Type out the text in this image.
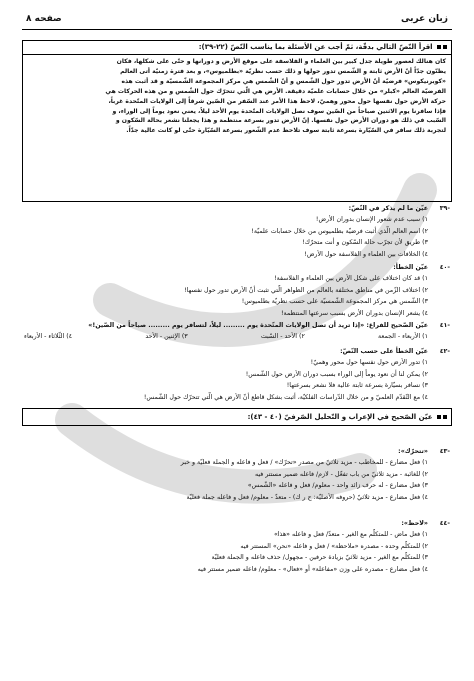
زبان عربی
صفحه ۸
اقرأ النّصّ التالي بدقّة، ثمّ أجب عن الأسئلة بما يناسب النّصّ (٢٢-٣٩):
كان هنالك لعصور طويلة جدل كبير بين العلماء و الفلاسفة على موقع الأرض و دورانها و حتّى على شكلها، فكان
يظنّون جدّاً أنّ الأرض ثابتة و الشّمس تدور حولها و ذلك حسب نظريّة «بطلميوس»، و بعد فترة زمنيّة أتى العالم
«كوبرنيكوس» فرضيّة أنّ الأرض تدور حول الشّمس و أنّ الشّمس هي مركز المجموعة الشّمسيّة و قد أثبت هذه
الفرضيّة العالم «كبلر» من خلال حسابات علميّة دقيقة. الأرض هي الّتي تتحرّك حول الشّمس و من هذه الحركات هي
حركة الأرض حول نفسها حول محور وهميّ، لاحظ هذا الأمر عند السّفر من الصّين شرقاً إلى الولايات المتّحدة غرباً،
فإذا سافرنا يوم الاثنين صباحاً من الصّين سوف نصل الولايات المتّحدة يوم الأحد ليلاً، يعني نعود يوماً إلى الوراء، و
السّبب في ذلك هو دوران الأرض حول نفسها. إنّ الأرض تدور بسرعة منتظمة و هذا يجعلنا نشعر بحالة السّكون و
لتجربة ذلك سافر في السّيّارة بسرعة ثابتة سوف تلاحظ عدم الشّعور بسرعة السّيّارة حتّى لو كانت عالية جدّاً.
-٣٩عيّن ما لم يذكر في النّصّ:
١) سبب عدم شعور الإنسان بدوران الأرض!
٢) اسم العالم الّذي أثبت فرضيّة بطلميوس من خلال حسابات علميّة!
٣) طريق لأن تجرّب حالة السّكون و أنت متحرّك!
٤) الخلافات بين العلماء و الفلاسفة حول الأرض!
-٤٠عيّن الخطأ:
١) قد كان اختلاف على شكل الأرض بين العلماء و الفلاسفة!
٢) اختلاف الزّمن في مناطق مختلفة بالعالم من الظواهر الّتي تثبت أنّ الأرض تدور حول نفسها!
٣) الشّمس هي مركز المجموعة الشّمسيّة على حسب نظريّة بطلميوس!
٤) يشعر الإنسان بدوران الأرض بسبب سرعتها المنتظمة!
-٤١عيّن الصّحيح للفراغ: «إذا تريد أن تصل الولايات المتّحدة يوم ......... ليلاً، لتسافر يوم ......... صباحاً من الصّين!»
١) الأربعاء - الجمعة
٢) الأحد - السّبت
٣) الإثنين - الأحد
٤) الثّلاثاء - الأربعاء
-٤٢عيّن الخطأ على حسب النّصّ:
١) تدور الأرض حول نفسها حول محور وهميّ!
٢) يمكن لنا أن نعود يوماً إلى الوراء بسبب دوران الأرض حول الشّمس!
٣) نسافر بسيّارة بسرعة ثابتة عالية فلا نشعر بسرعتها!
٤) مع التّقدّم العلميّ و من خلال الدّراسات الفلكيّة، أثبت بشكل قاطع أنّ الأرض هي الّتي تتحرّك حول الشّمس!
عيّن الصّحيح في الإعراب و التّحليل الصّرفيّ (٤٠ - ٤٣):
-٤٣«تتحرّك»:
١) فعل مضارع - للمخاطب - مزيد ثلاثيّ من مصدر «تحرّك» / فعل و فاعله و الجملة فعليّة و خبر
٢) للغائبة - مزيد ثلاثيّ من باب تفعّل - لازم/ فاعله ضمير مستتر فيه
٣) فعل مضارع - له حرف زائد واحد - معلوم/ فعل و فاعله «الشّمس»
٤) فعل مضارع - مزيد ثلاثيّ (حروفه الأصليّة: ح ر ك) - متعدّ - معلوم/ فعل و فاعله جملة فعليّة
-٤٤«لاحظ»:
١) فعل ماض - للمتكلّم مع الغير - متعدّ/ فعل و فاعله «هذا»
٢) للمتكلّم وحده - مصدره «ملاحظة» / فعل و فاعله «نحن» المستتر فيه
٣) للمتكلّم مع الغير - مزيد ثلاثيّ بزيادة حرفين - مجهول/ حذف فاعله و الجملة فعليّة
٤) فعل مضارع - مصدره على وزن «مفاعلة» أو «فعال» - معلوم/ فاعله ضمير مستتر فيه
